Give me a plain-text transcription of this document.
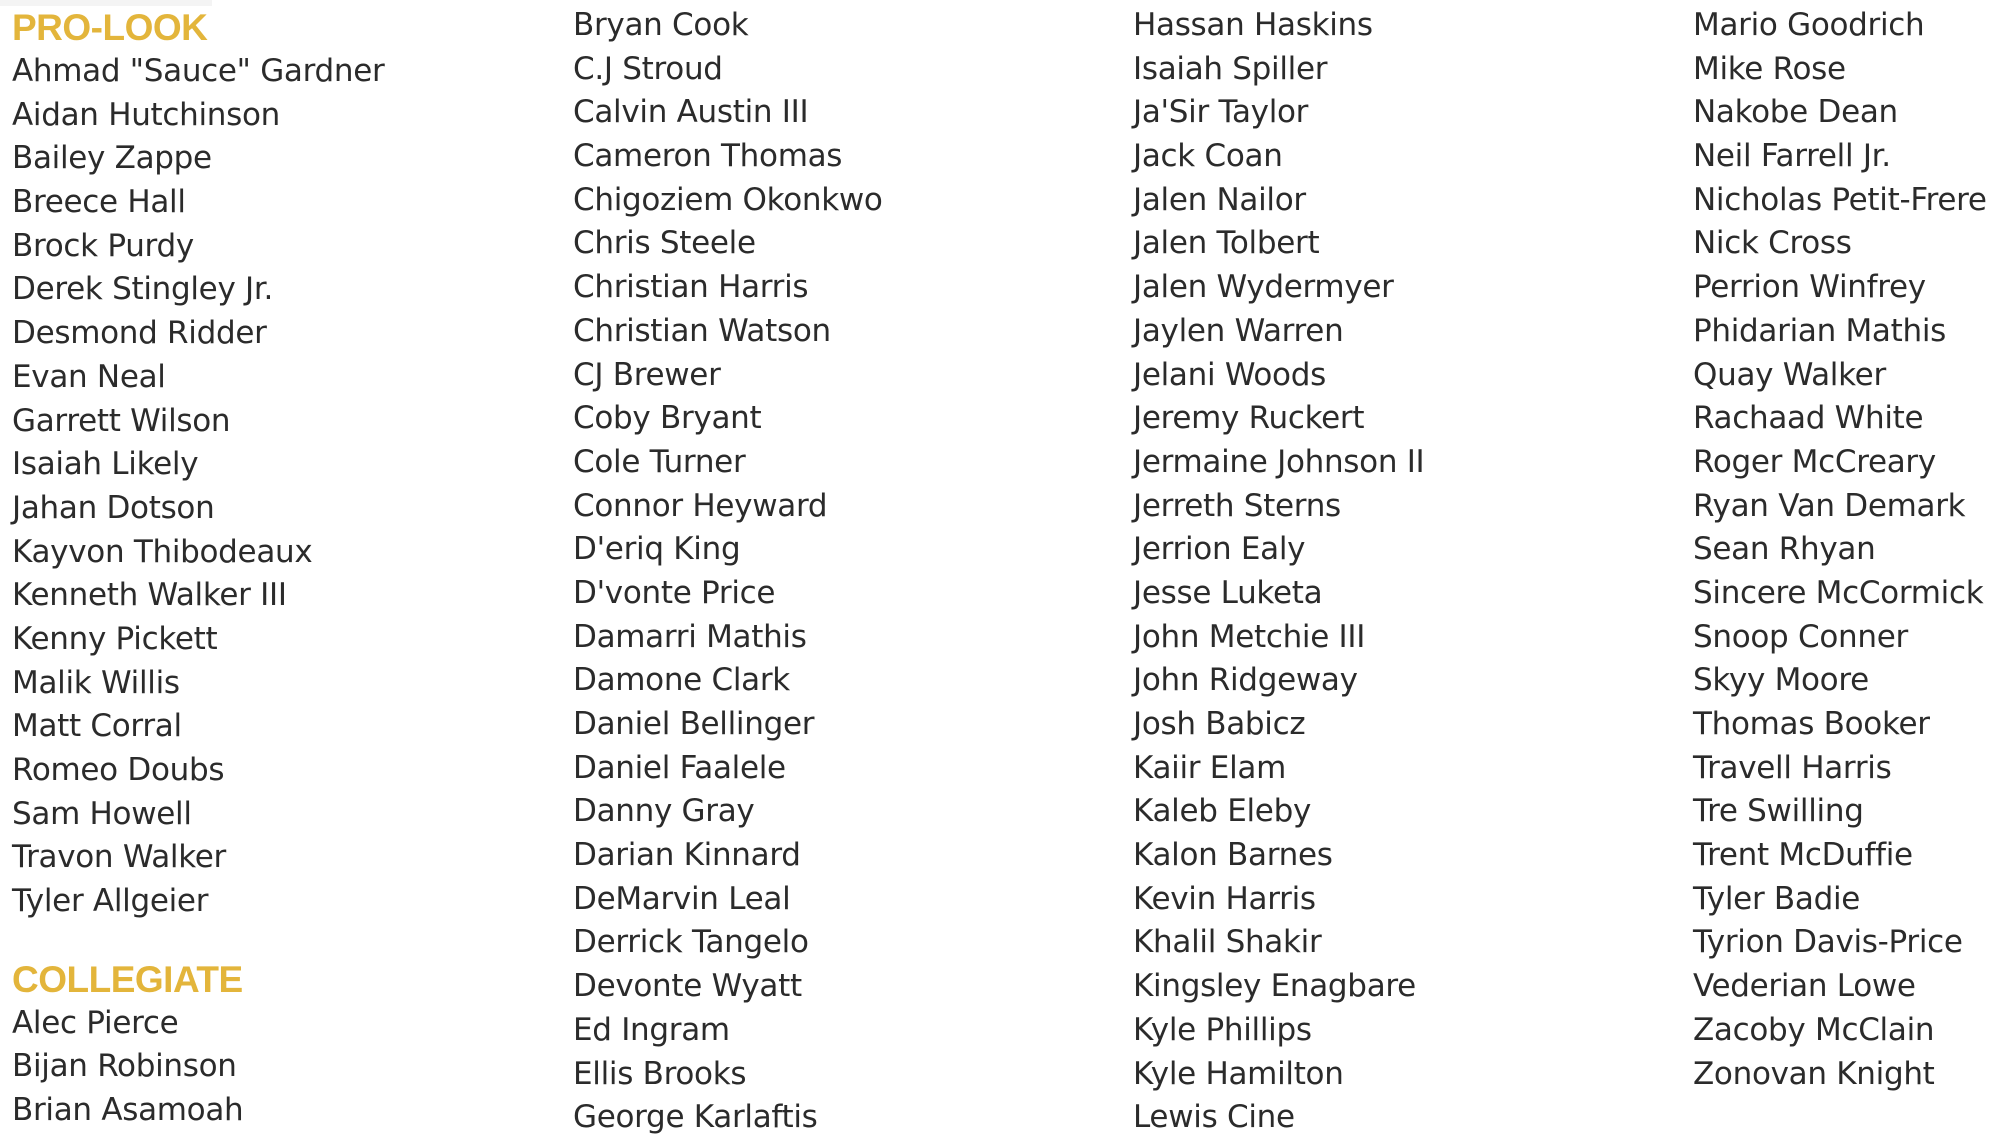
PRO-LOOK
Ahmad "Sauce" Gardner
Aidan Hutchinson
Bailey Zappe
Breece Hall
Brock Purdy
Derek Stingley Jr.
Desmond Ridder
Evan Neal
Garrett Wilson
Isaiah Likely
Jahan Dotson
Kayvon Thibodeaux
Kenneth Walker III
Kenny Pickett
Malik Willis
Matt Corral
Romeo Doubs
Sam Howell
Travon Walker
Tyler Allgeier
COLLEGIATE
Alec Pierce
Bijan Robinson
Brian Asamoah
Bryan Cook
C.J Stroud
Calvin Austin III
Cameron Thomas
Chigoziem Okonkwo
Chris Steele
Christian Harris
Christian Watson
CJ Brewer
Coby Bryant
Cole Turner
Connor Heyward
D'eriq King
D'vonte Price
Damarri Mathis
Damone Clark
Daniel Bellinger
Daniel Faalele
Danny Gray
Darian Kinnard
DeMarvin Leal
Derrick Tangelo
Devonte Wyatt
Ed Ingram
Ellis Brooks
George Karlaftis
Hassan Haskins
Isaiah Spiller
Ja'Sir Taylor
Jack Coan
Jalen Nailor
Jalen Tolbert
Jalen Wydermyer
Jaylen Warren
Jelani Woods
Jeremy Ruckert
Jermaine Johnson II
Jerreth Sterns
Jerrion Ealy
Jesse Luketa
John Metchie III
John Ridgeway
Josh Babicz
Kaiir Elam
Kaleb Eleby
Kalon Barnes
Kevin Harris
Khalil Shakir
Kingsley Enagbare
Kyle Phillips
Kyle Hamilton
Lewis Cine
Mario Goodrich
Mike Rose
Nakobe Dean
Neil Farrell Jr.
Nicholas Petit-Frere
Nick Cross
Perrion Winfrey
Phidarian Mathis
Quay Walker
Rachaad White
Roger McCreary
Ryan Van Demark
Sean Rhyan
Sincere McCormick
Snoop Conner
Skyy Moore
Thomas Booker
Travell Harris
Tre Swilling
Trent McDuffie
Tyler Badie
Tyrion Davis-Price
Vederian Lowe
Zacoby McClain
Zonovan Knight
